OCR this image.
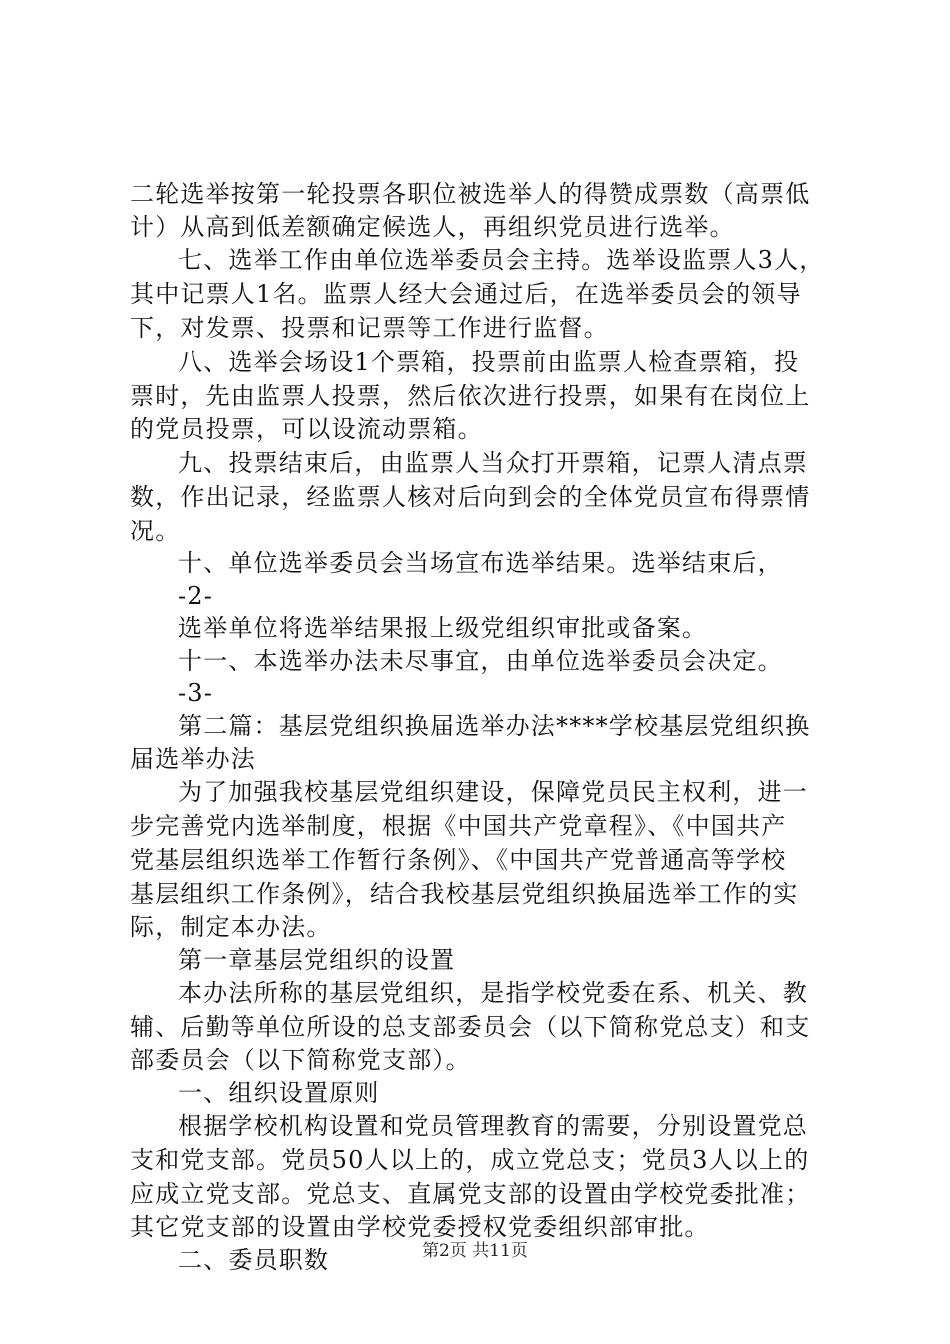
二轮选举按第一轮投票各职位被选举人的得赞成票数（高票低
计）从高到低差额确定候选人，再组织党员进行选举。
七、选举工作由单位选举委员会主持。选举设监票人3人，
其中记票人1名。监票人经大会通过后，在选举委员会的领导
下，对发票、投票和记票等工作进行监督。
八、选举会场设1个票箱，投票前由监票人检查票箱，投
票时，先由监票人投票，然后依次进行投票，如果有在岗位上
的党员投票，可以设流动票箱。
九、投票结束后，由监票人当众打开票箱，记票人清点票
数，作出记录，经监票人核对后向到会的全体党员宣布得票情
况。
十、单位选举委员会当场宣布选举结果。选举结束后，
-2-
选举单位将选举结果报上级党组织审批或备案。
十一、本选举办法未尽事宜，由单位选举委员会决定。
-3-
第二篇：基层党组织换届选举办法****学校基层党组织换
届选举办法
为了加强我校基层党组织建设，保障党员民主权利，进一
步完善党内选举制度，根据《中国共产党章程》、《中国共产
党基层组织选举工作暂行条例》、《中国共产党普通高等学校
基层组织工作条例》，结合我校基层党组织换届选举工作的实
际，制定本办法。
第一章基层党组织的设置
本办法所称的基层党组织，是指学校党委在系、机关、教
辅、后勤等单位所设的总支部委员会（以下简称党总支）和支
部委员会（以下简称党支部）。
一、组织设置原则
根据学校机构设置和党员管理教育的需要，分别设置党总
支和党支部。党员50人以上的，成立党总支；党员3人以上的
应成立党支部。党总支、直属党支部的设置由学校党委批准；
其它党支部的设置由学校党委授权党委组织部审批。
二、委员职数	第2页 共11页
